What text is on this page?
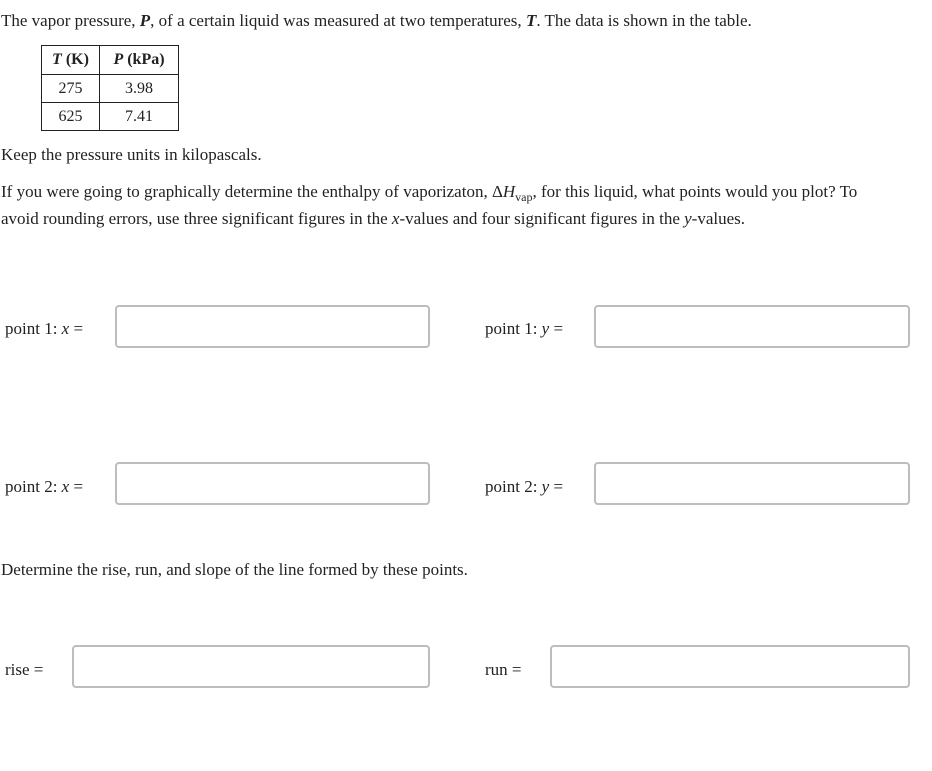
The vapor pressure, P, of a certain liquid was measured at two temperatures, T. The data is shown in the table.

T (K)	P (kPa)
275	3.98
625	7.41

Keep the pressure units in kilopascals.

If you were going to graphically determine the enthalpy of vaporizaton, $\Delta H_{vap}$, for this liquid, what points would you plot? To

avoid rounding errors, use three significant figures in the x-values and four significant figures in the y-values.

point 1: x =	point 1: y =
point 2: x =	point 2: y =

Determine the rise, run, and slope of the line formed by these points.

rise =	run =
